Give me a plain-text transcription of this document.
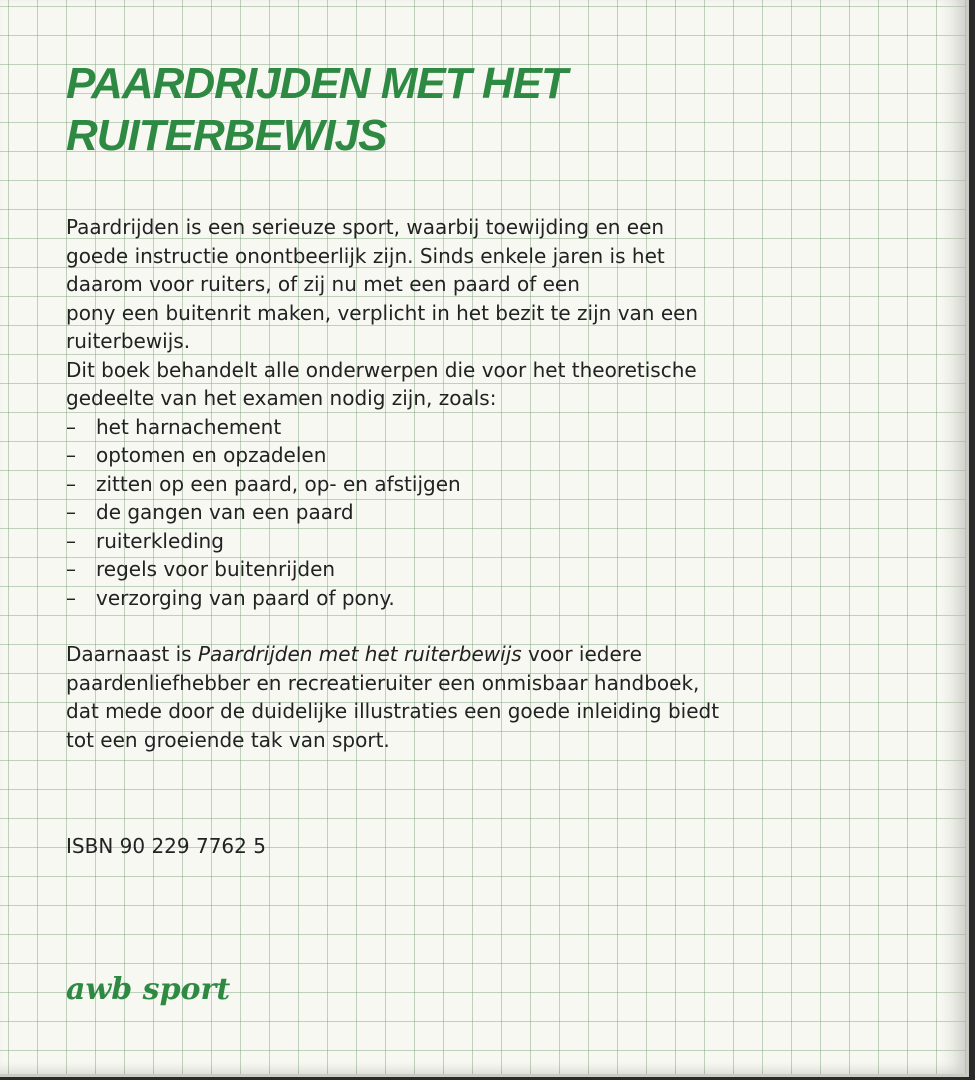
PAARDRIJDEN MET HET
RUITERBEWIJS

Paardrijden is een serieuze sport, waarbij toewijding en een

goede instructie onontbeerlijk zijn. Sinds enkele jaren is het

daarom voor ruiters, of zij nu met een paard of een

pony een buitenrit maken, verplicht in het bezit te zijn van een

ruiterbewijs.

Dit boek behandelt alle onderwerpen die voor het theoretische

gedeelte van het examen nodig zijn, zoals:

– het harnachement
– optomen en opzadelen
– zitten op een paard, op- en afstijgen
– de gangen van een paard
– ruiterkleding
– regels voor buitenrijden
– verzorging van paard of pony.

Daarnaast is Paardrijden met het ruiterbewijs voor iedere

paardenliefhebber en recreatieruiter een onmisbaar handboek,

dat mede door de duidelijke illustraties een goede inleiding biedt

tot een groeiende tak van sport.

ISBN 90 229 7762 5
awb sport
